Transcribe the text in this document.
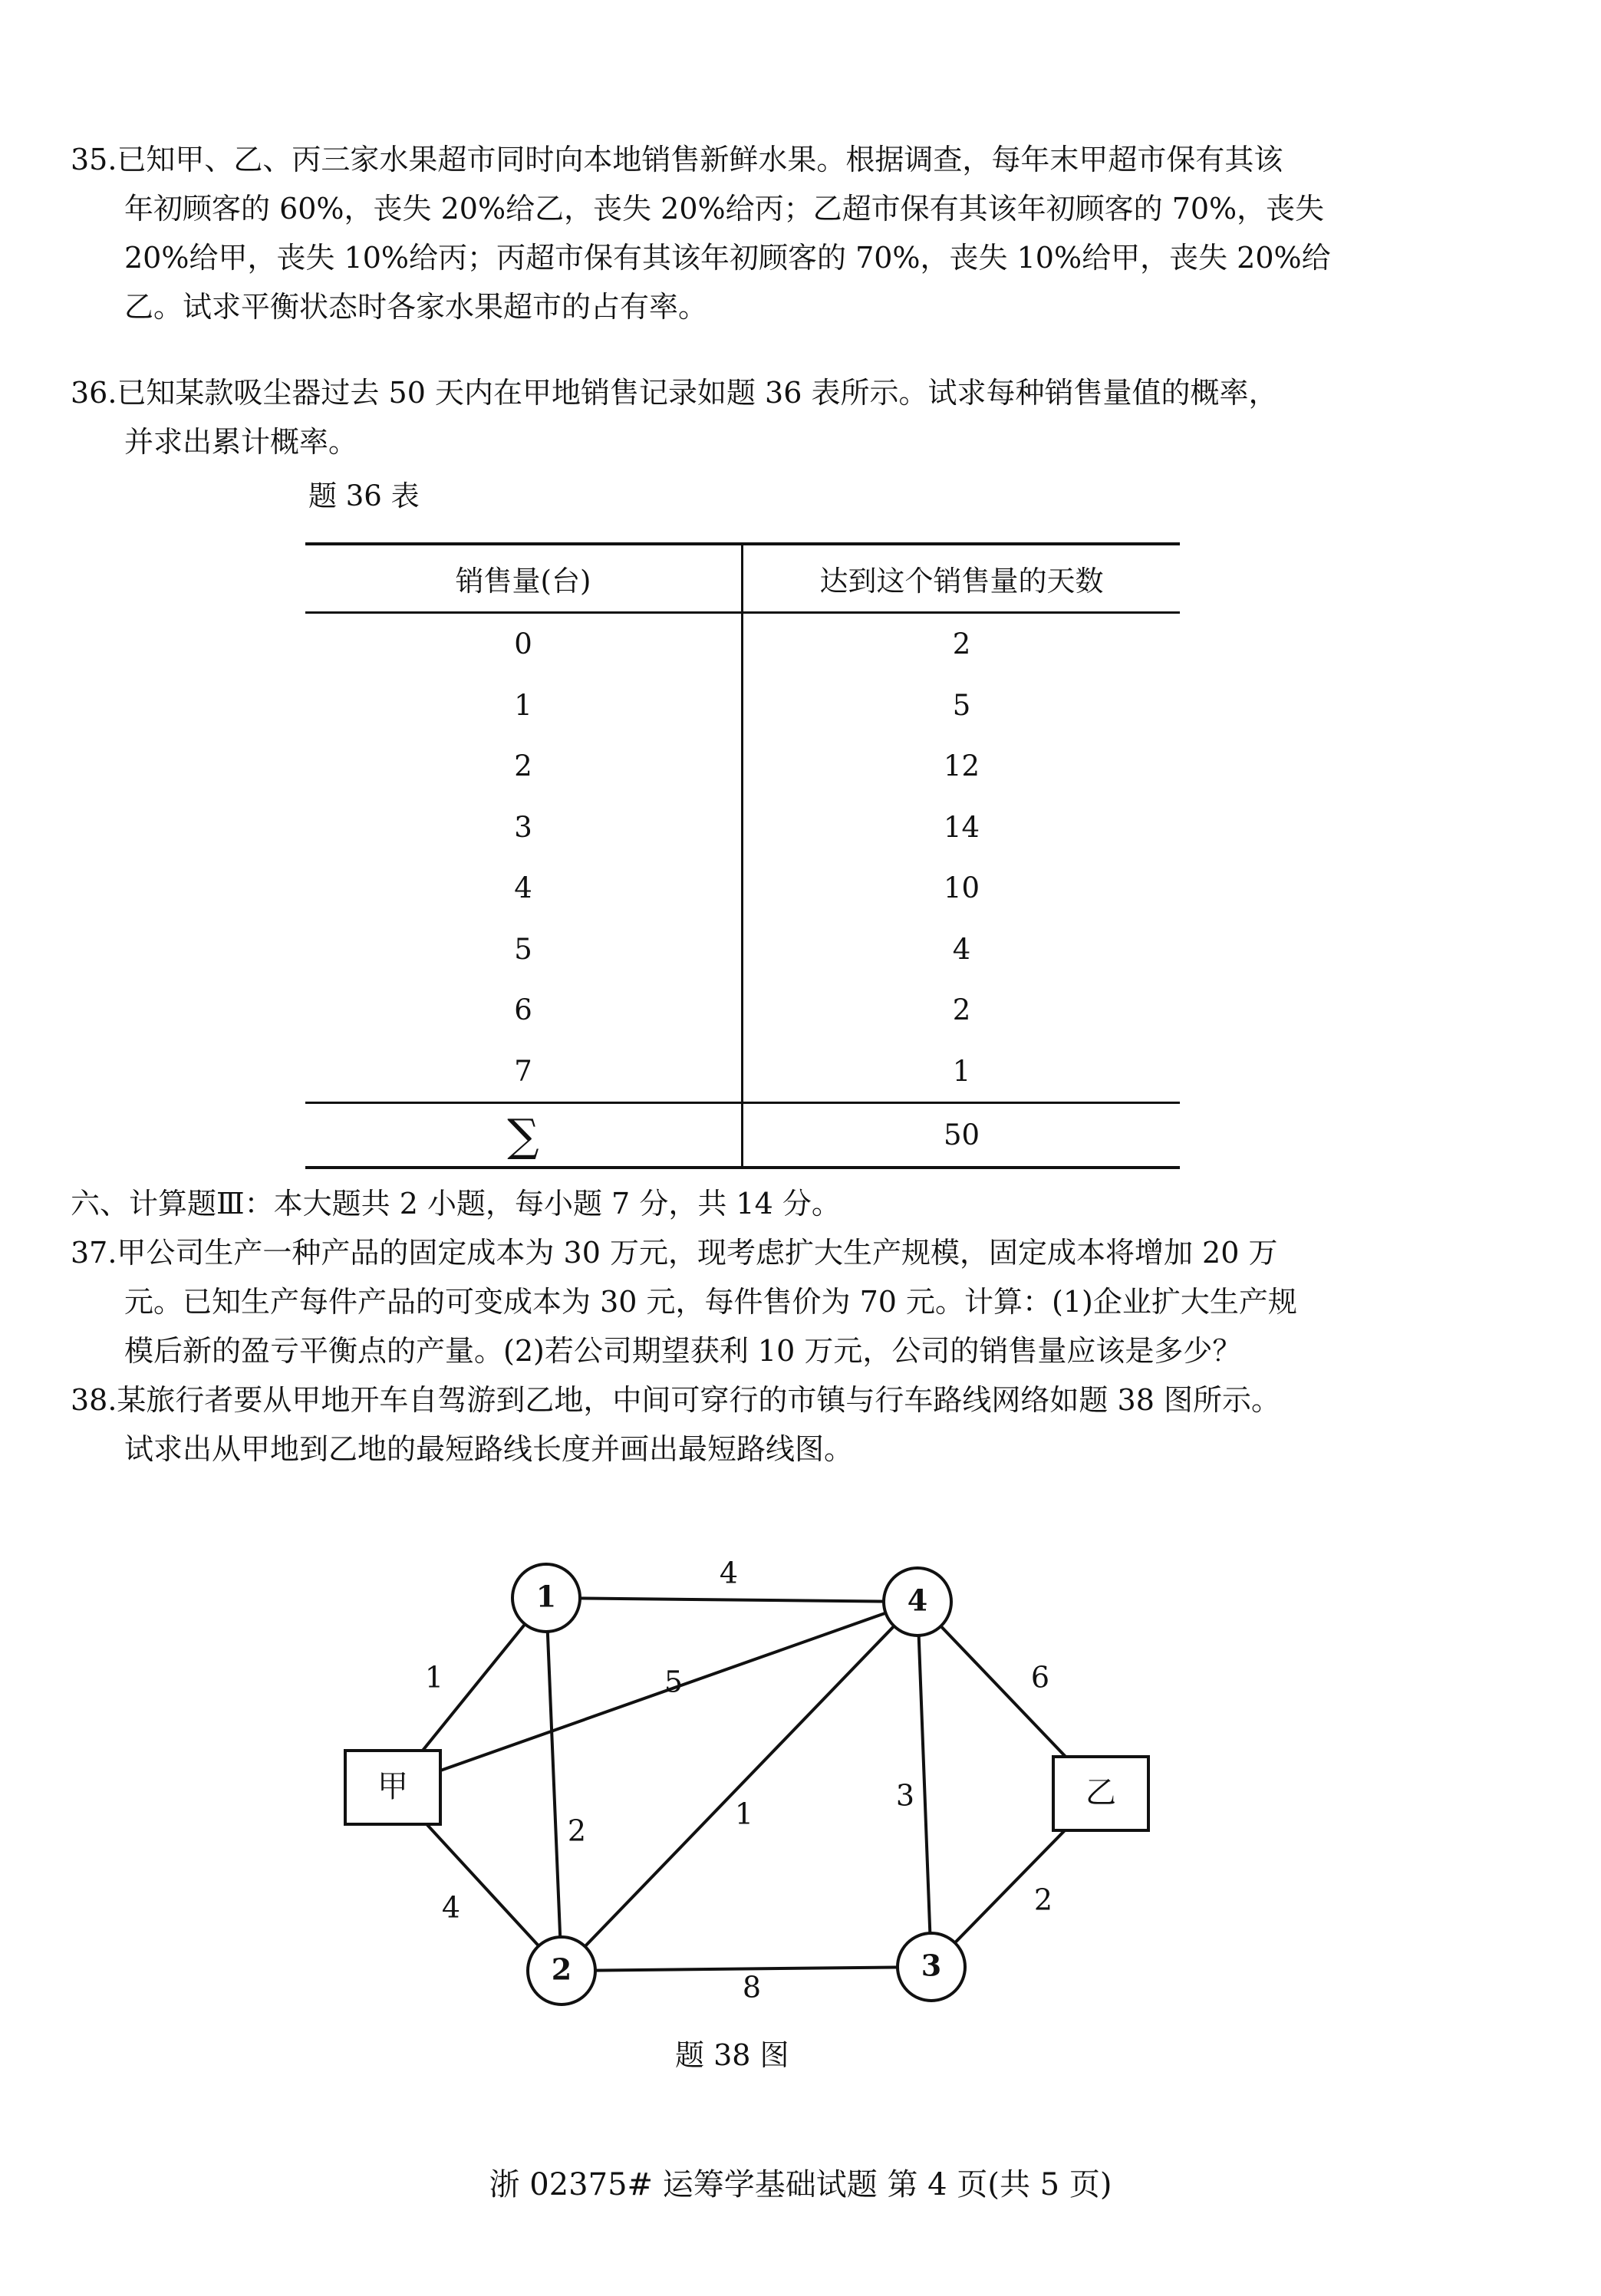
35.已知甲、乙、丙三家水果超市同时向本地销售新鲜水果。根据调查，每年末甲超市保有其该
年初顾客的 60%，丧失 20%给乙，丧失 20%给丙；乙超市保有其该年初顾客的 70%，丧失
20%给甲，丧失 10%给丙；丙超市保有其该年初顾客的 70%，丧失 10%给甲，丧失 20%给
乙。试求平衡状态时各家水果超市的占有率。
36.已知某款吸尘器过去 50 天内在甲地销售记录如题 36 表所示。试求每种销售量值的概率，
并求出累计概率。
题 36 表
销售量(台)	达到这个销售量的天数
0	2
1	5
2	12
3	14
4	10
5	4
6	2
7	1
∑	50
六、计算题Ⅲ：本大题共 2 小题，每小题 7 分，共 14 分。
37.甲公司生产一种产品的固定成本为 30 万元，现考虑扩大生产规模，固定成本将增加 20 万
元。已知生产每件产品的可变成本为 30 元，每件售价为 70 元。计算：(1)企业扩大生产规
模后新的盈亏平衡点的产量。(2)若公司期望获利 10 万元，公司的销售量应该是多少？
38.某旅行者要从甲地开车自驾游到乙地，中间可穿行的市镇与行车路线网络如题 38 图所示。
试求出从甲地到乙地的最短路线长度并画出最短路线图。
1	5
4
4
2	1
8
3
6
2
甲
1
2
4
3
乙
题 38 图
浙 02375# 运筹学基础试题 第 4 页(共 5 页)
